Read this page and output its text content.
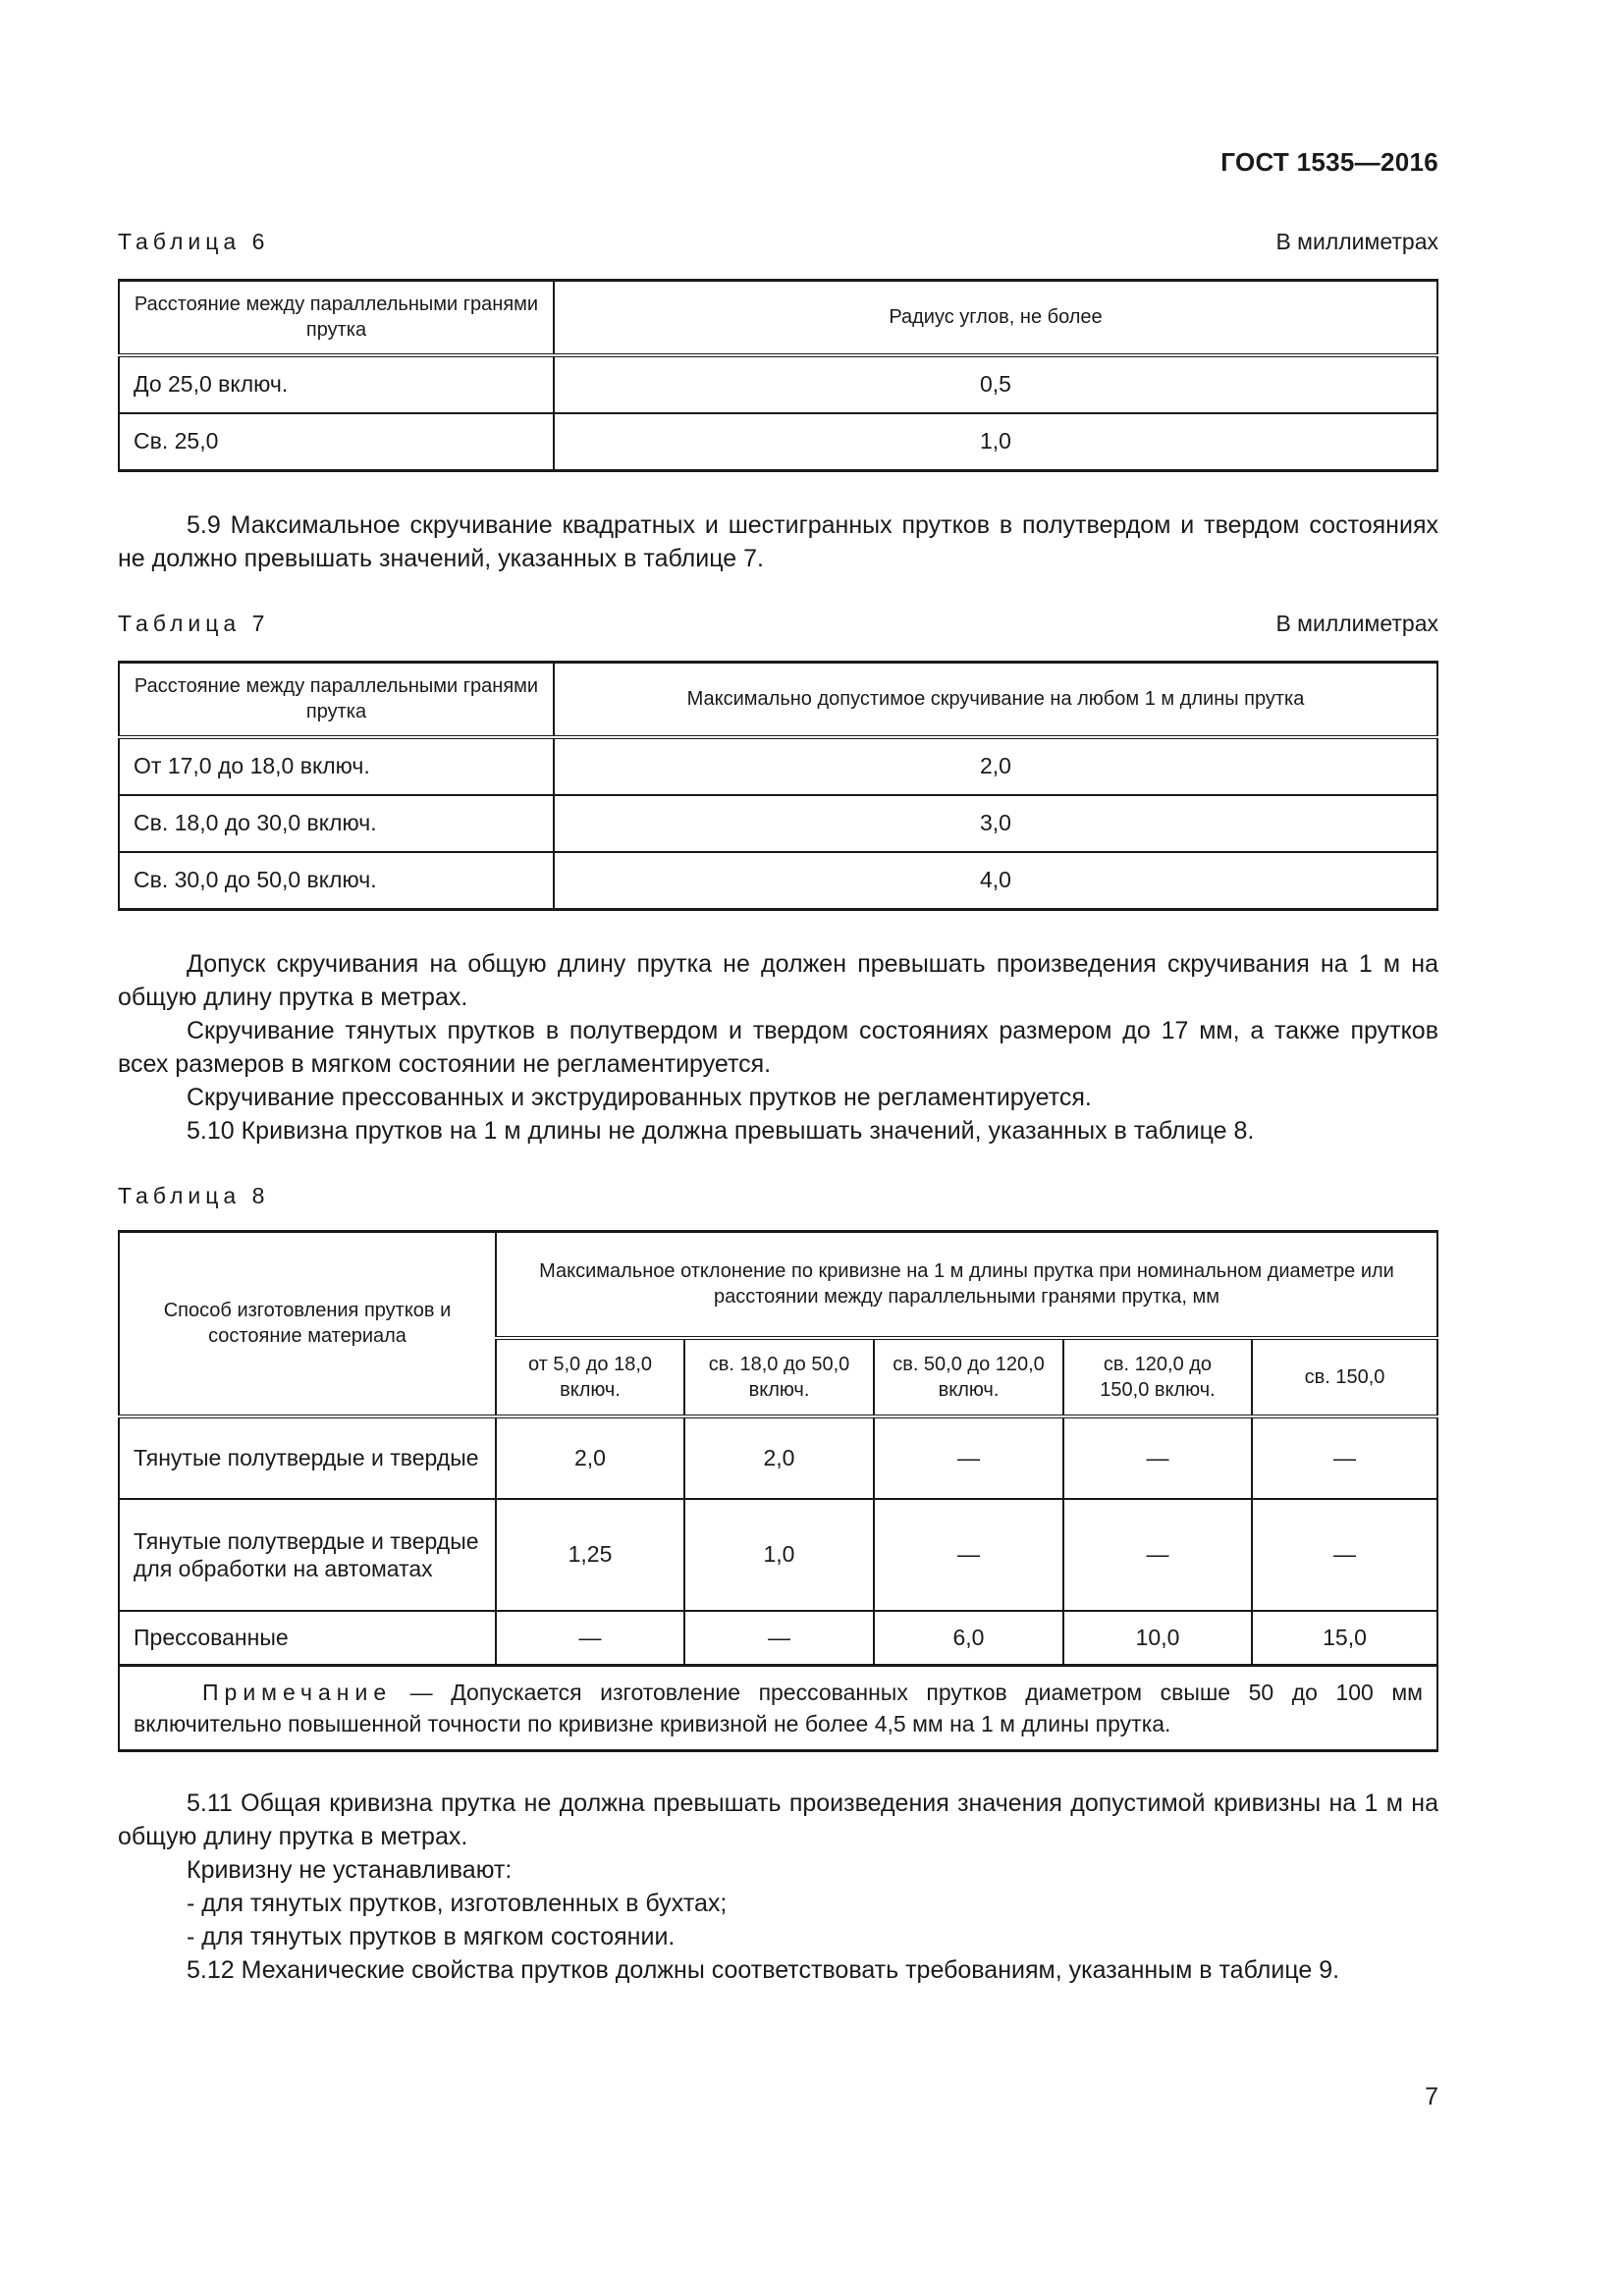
ГОСТ 1535—2016
Таблица 6	В миллиметрах
Расстояние между параллельными гранями прутка	Радиус углов, не более
До 25,0 включ.	0,5
Св. 25,0	1,0
5.9 Максимальное скручивание квадратных и шестигранных прутков в полутвердом и твердом состояниях не должно превышать значений, указанных в таблице 7.
Таблица 7	В миллиметрах
Расстояние между параллельными гранями прутка	Максимально допустимое скручивание на любом 1 м длины прутка
От 17,0 до 18,0 включ.	2,0
Св. 18,0 до 30,0 включ.	3,0
Св. 30,0 до 50,0 включ.	4,0
Допуск скручивания на общую длину прутка не должен превышать произведения скручивания на 1 м на общую длину прутка в метрах.
Скручивание тянутых прутков в полутвердом и твердом состояниях размером до 17 мм, а также прутков всех размеров в мягком состоянии не регламентируется.
Скручивание прессованных и экструдированных прутков не регламентируется.
5.10 Кривизна прутков на 1 м длины не должна превышать значений, указанных в таблице 8.
Таблица 8
Способ изготовления прутков и состояние материала	Максимальное отклонение по кривизне на 1 м длины прутка при номинальном диаметре или расстоянии между параллельными гранями прутка, мм				
	от 5,0 до 18,0 включ.	св. 18,0 до 50,0 включ.	св. 50,0 до 120,0 включ.	св. 120,0 до 150,0 включ.	св. 150,0
Тянутые полутвердые и твердые	2,0	2,0	—	—	—
Тянутые полутвердые и твердые для обработки на автоматах	1,25	1,0	—	—	—
Прессованные	—	—	6,0	10,0	15,0
Примечание — Допускается изготовление прессованных прутков диаметром свыше 50 до 100 мм включительно повышенной точности по кривизне кривизной не более 4,5 мм на 1 м длины прутка.					
5.11 Общая кривизна прутка не должна превышать произведения значения допустимой кривизны на 1 м на общую длину прутка в метрах.
Кривизну не устанавливают:
- для тянутых прутков, изготовленных в бухтах;
- для тянутых прутков в мягком состоянии.
5.12 Механические свойства прутков должны соответствовать требованиям, указанным в таблице 9.
7
